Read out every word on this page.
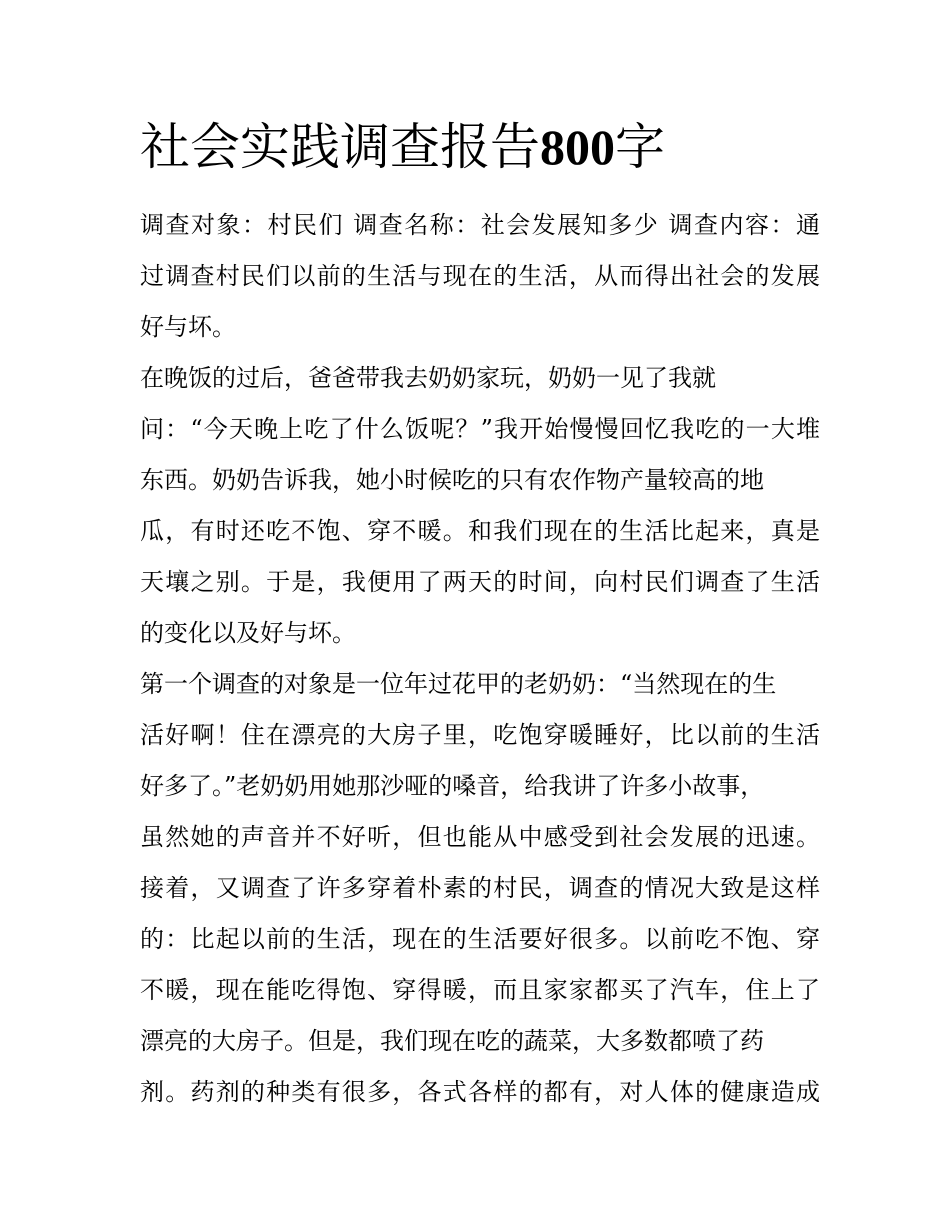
社会实践调查报告800字
调查对象：村民们 调查名称：社会发展知多少 调查内容：通
过调查村民们以前的生活与现在的生活，从而得出社会的发展
好与坏。
在晚饭的过后，爸爸带我去奶奶家玩，奶奶一见了我就
问：“今天晚上吃了什么饭呢？”我开始慢慢回忆我吃的一大堆
东西。奶奶告诉我，她小时候吃的只有农作物产量较高的地
瓜，有时还吃不饱、穿不暖。和我们现在的生活比起来，真是
天壤之别。于是，我便用了两天的时间，向村民们调查了生活
的变化以及好与坏。
第一个调查的对象是一位年过花甲的老奶奶：“当然现在的生
活好啊！住在漂亮的大房子里，吃饱穿暖睡好，比以前的生活
好多了。”老奶奶用她那沙哑的嗓音，给我讲了许多小故事，
虽然她的声音并不好听，但也能从中感受到社会发展的迅速。
接着，又调查了许多穿着朴素的村民，调查的情况大致是这样
的：比起以前的生活，现在的生活要好很多。以前吃不饱、穿
不暖，现在能吃得饱、穿得暖，而且家家都买了汽车，住上了
漂亮的大房子。但是，我们现在吃的蔬菜，大多数都喷了药
剂。药剂的种类有很多，各式各样的都有，对人体的健康造成
